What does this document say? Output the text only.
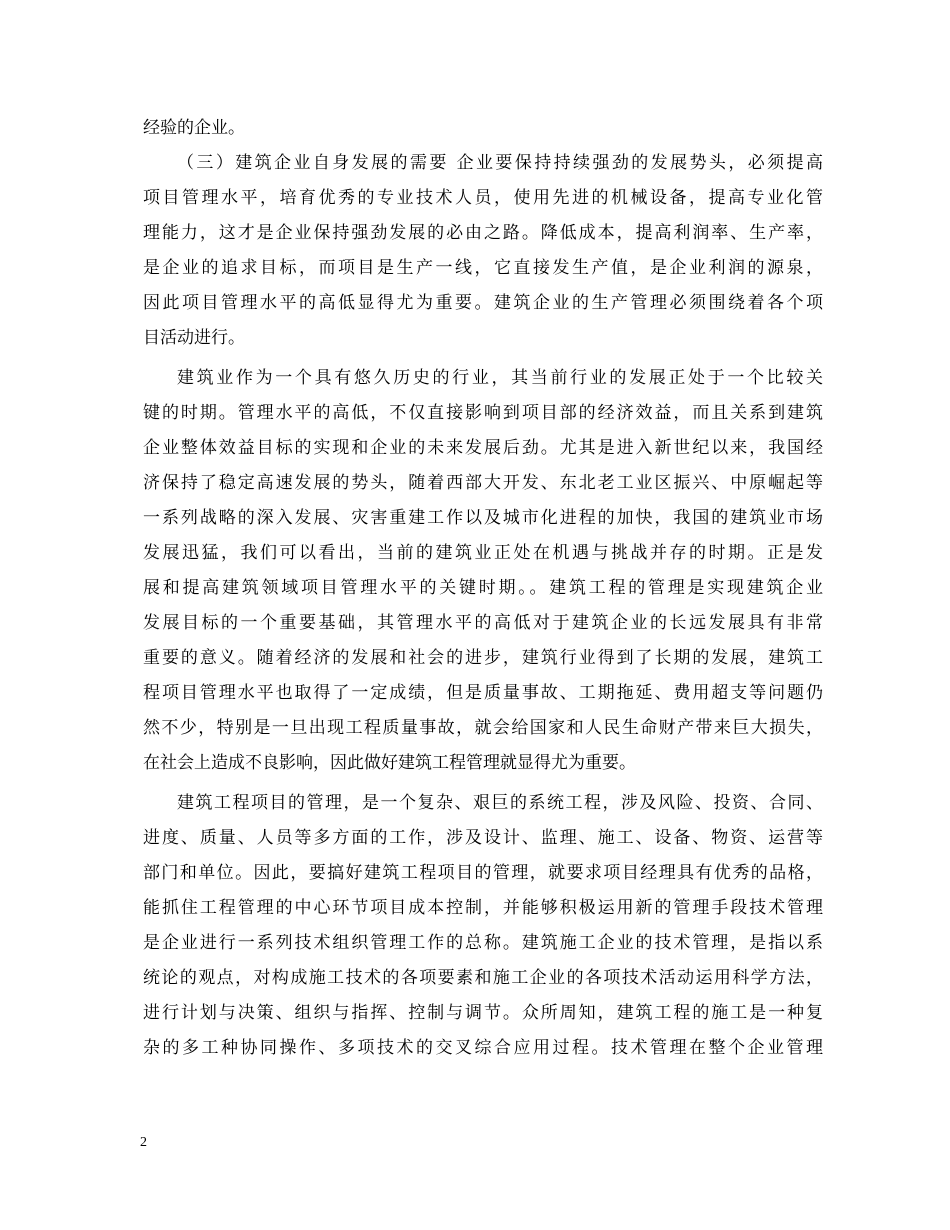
经验的企业。
（三）建筑企业自身发展的需要 企业要保持持续强劲的发展势头，必须提高
项目管理水平，培育优秀的专业技术人员，使用先进的机械设备，提高专业化管
理能力，这才是企业保持强劲发展的必由之路。降低成本，提高利润率、生产率，
是企业的追求目标，而项目是生产一线，它直接发生产值，是企业利润的源泉，
因此项目管理水平的高低显得尤为重要。建筑企业的生产管理必须围绕着各个项
目活动进行。
建筑业作为一个具有悠久历史的行业，其当前行业的发展正处于一个比较关
键的时期。管理水平的高低，不仅直接影响到项目部的经济效益，而且关系到建筑
企业整体效益目标的实现和企业的未来发展后劲。尤其是进入新世纪以来，我国经
济保持了稳定高速发展的势头，随着西部大开发、东北老工业区振兴、中原崛起等
一系列战略的深入发展、灾害重建工作以及城市化进程的加快，我国的建筑业市场
发展迅猛，我们可以看出，当前的建筑业正处在机遇与挑战并存的时期。正是发
展和提高建筑领域项目管理水平的关键时期。。建筑工程的管理是实现建筑企业
发展目标的一个重要基础，其管理水平的高低对于建筑企业的长远发展具有非常
重要的意义。随着经济的发展和社会的进步，建筑行业得到了长期的发展，建筑工
程项目管理水平也取得了一定成绩，但是质量事故、工期拖延、费用超支等问题仍
然不少，特别是一旦出现工程质量事故，就会给国家和人民生命财产带来巨大损失，
在社会上造成不良影响，因此做好建筑工程管理就显得尤为重要。
建筑工程项目的管理，是一个复杂、艰巨的系统工程，涉及风险、投资、合同、
进度、质量、人员等多方面的工作，涉及设计、监理、施工、设备、物资、运营等
部门和单位。因此，要搞好建筑工程项目的管理，就要求项目经理具有优秀的品格，
能抓住工程管理的中心环节项目成本控制，并能够积极运用新的管理手段技术管理
是企业进行一系列技术组织管理工作的总称。建筑施工企业的技术管理，是指以系
统论的观点，对构成施工技术的各项要素和施工企业的各项技术活动运用科学方法，
进行计划与决策、组织与指挥、控制与调节。众所周知，建筑工程的施工是一种复
杂的多工种协同操作、多项技术的交叉综合应用过程。技术管理在整个企业管理
2
